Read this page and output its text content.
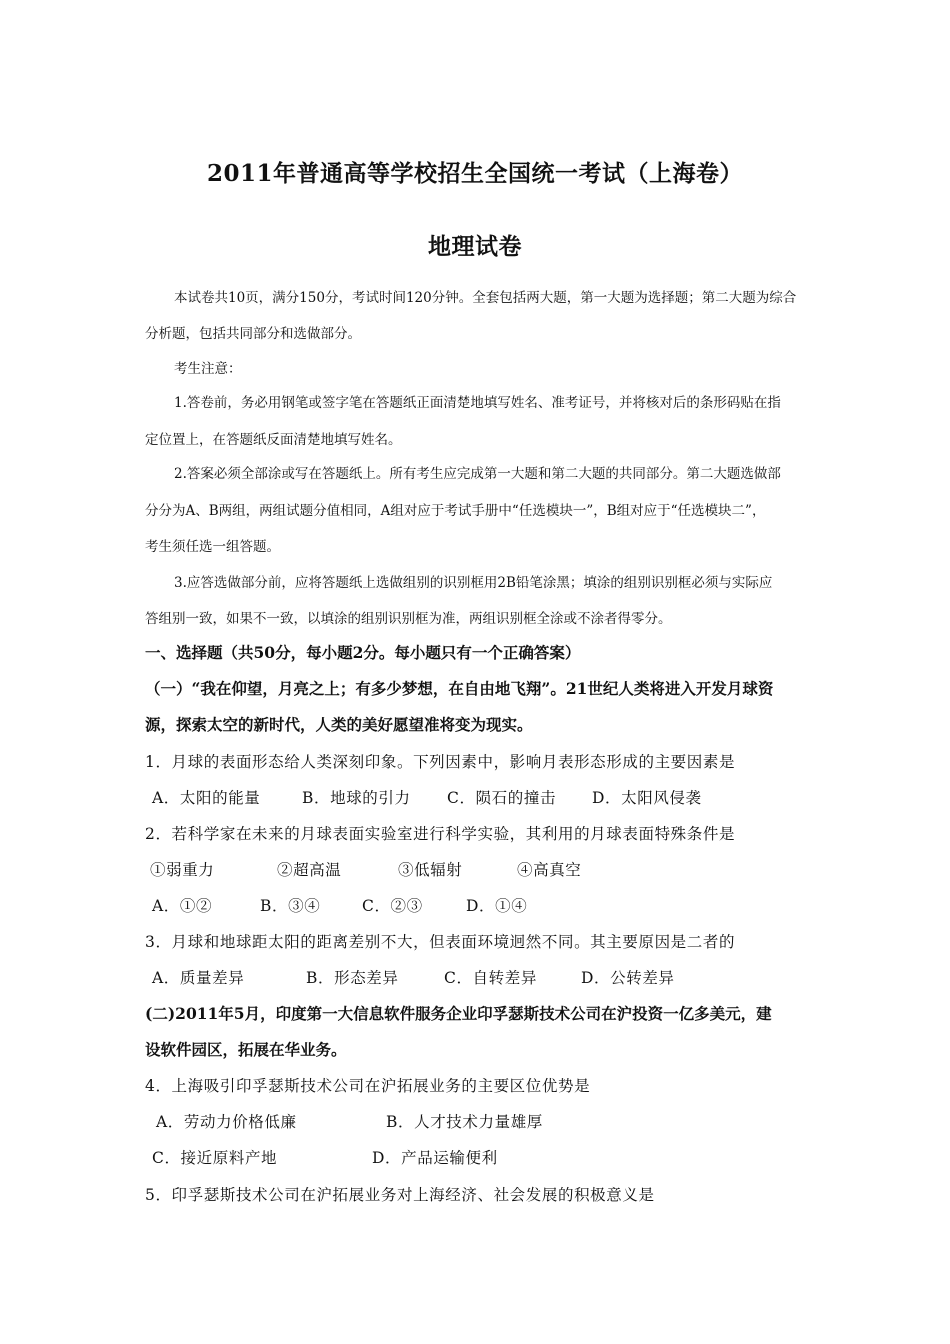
2011年普通高等学校招生全国统一考试（上海卷）
地理试卷
本试卷共10页，满分150分，考试时间120分钟。全套包括两大题，第一大题为选择题；第二大题为综合
分析题，包括共同部分和选做部分。
考生注意：
1.答卷前，务必用钢笔或签字笔在答题纸正面清楚地填写姓名、准考证号，并将核对后的条形码贴在指
定位置上，在答题纸反面清楚地填写姓名。
2.答案必须全部涂或写在答题纸上。所有考生应完成第一大题和第二大题的共同部分。第二大题选做部
分分为A、B两组，两组试题分值相同，A组对应于考试手册中“任选模块一”，B组对应于“任选模块二”，
考生须任选一组答题。
3.应答选做部分前，应将答题纸上选做组别的识别框用2B铅笔涂黑；填涂的组别识别框必须与实际应
答组别一致，如果不一致，以填涂的组别识别框为准，两组识别框全涂或不涂者得零分。
一、选择题（共50分，每小题2分。每小题只有一个正确答案）
（一）“我在仰望，月亮之上；有多少梦想，在自由地飞翔”。21世纪人类将进入开发月球资
源，探索太空的新时代，人类的美好愿望准将变为现实。
1．月球的表面形态给人类深刻印象。下列因素中，影响月表形态形成的主要因素是
A．太阳的能量	B．地球的引力 C．陨石的撞击 D．太阳风侵袭
2．若科学家在未来的月球表面实验室进行科学实验，其利用的月球表面特殊条件是
①弱重力	②超高温	③低辐射	④高真空
A．①②	B．③④	C．②③	D．①④
3．月球和地球距太阳的距离差别不大，但表面环境迥然不同。其主要原因是二者的
A．质量差异	B．形态差异	C．自转差异	D．公转差异
(二)2011年5月，印度第一大信息软件服务企业印孚瑟斯技术公司在沪投资一亿多美元，建
设软件园区，拓展在华业务。
4．上海吸引印孚瑟斯技术公司在沪拓展业务的主要区位优势是
A．劳动力价格低廉	B．人才技术力量雄厚
C．接近原料产地	D．产品运输便利
5．印孚瑟斯技术公司在沪拓展业务对上海经济、社会发展的积极意义是
